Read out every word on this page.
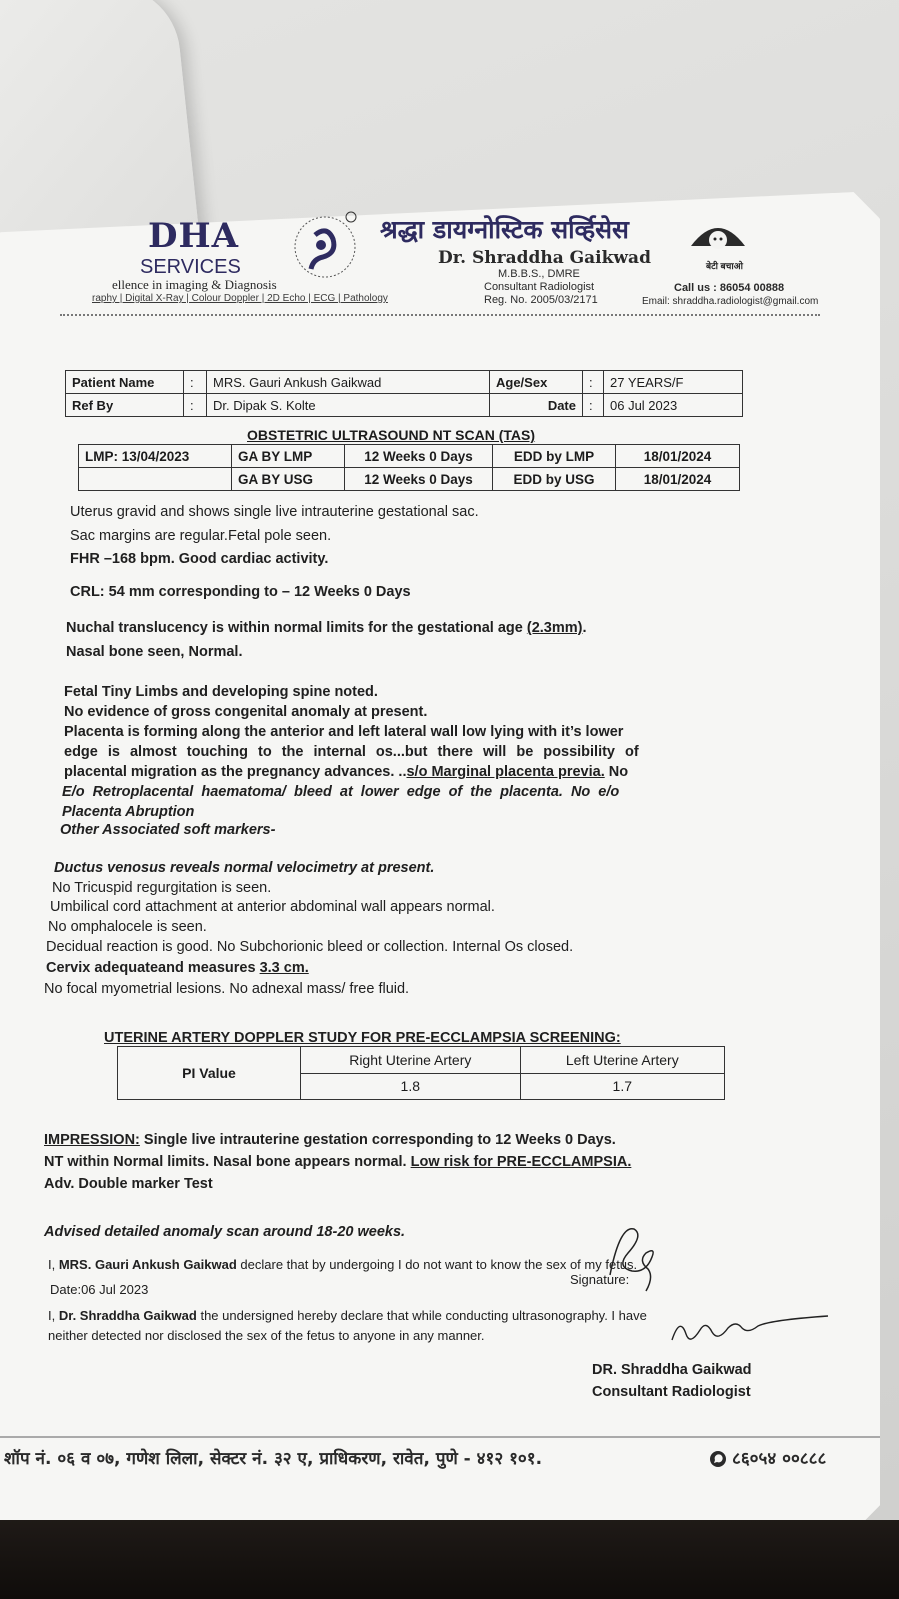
DHA
SERVICES
ellence in imaging & Diagnosis
raphy | Digital X-Ray | Colour Doppler | 2D Echo | ECG | Pathology
श्रद्धा डायग्नोस्टिक सर्व्हिसेस
Dr. Shraddha Gaikwad
M.B.B.S., DMRE
Consultant Radiologist
Reg. No. 2005/03/2171
बेटी बचाओ
Call us : 86054 00888
Email: shraddha.radiologist@gmail.com
Patient Name	:	MRS. Gauri Ankush Gaikwad	Age/Sex	:	27 YEARS/F
Ref By	:	Dr. Dipak S. Kolte	Date	:	06 Jul 2023
OBSTETRIC ULTRASOUND NT SCAN (TAS)
LMP: 13/04/2023	GA BY LMP	12 Weeks 0 Days	EDD by LMP	18/01/2024
	GA BY USG	12 Weeks 0 Days	EDD by USG	18/01/2024
Uterus gravid and shows single live intrauterine gestational sac.
Sac margins are regular.Fetal pole seen.
FHR –168 bpm. Good cardiac activity.
CRL: 54 mm corresponding to – 12 Weeks 0 Days
Nuchal translucency is within normal limits for the gestational age (2.3mm).
Nasal bone seen, Normal.
Fetal Tiny Limbs and developing spine noted.
No evidence of gross congenital anomaly at present.
Placenta is forming along the anterior and left lateral wall low lying with it’s lower
edge is almost touching to the internal os...but there will be possibility of
placental migration as the pregnancy advances. ..s/o Marginal placenta previa. No
E/o Retroplacental haematoma/ bleed at lower edge of the placenta. No e/o
Placenta Abruption
Other Associated soft markers-
Ductus venosus reveals normal velocimetry at present.
No Tricuspid regurgitation is seen.
Umbilical cord attachment at anterior abdominal wall appears normal.
No omphalocele is seen.
Decidual reaction is good. No Subchorionic bleed or collection. Internal Os closed.
Cervix adequateand measures 3.3 cm.
No focal myometrial lesions. No adnexal mass/ free fluid.
UTERINE ARTERY DOPPLER STUDY FOR PRE-ECCLAMPSIA SCREENING:
PI Value	Right Uterine Artery	Left Uterine Artery
	1.8	1.7
IMPRESSION: Single live intrauterine gestation corresponding to 12 Weeks 0 Days.
NT within Normal limits. Nasal bone appears normal. Low risk for PRE-ECCLAMPSIA.
Adv. Double marker Test
Advised detailed anomaly scan around 18-20 weeks.
I, MRS. Gauri Ankush Gaikwad declare that by undergoing I do not want to know the sex of my fetus.
Signature:
Date:06 Jul 2023
I, Dr. Shraddha Gaikwad the undersigned hereby declare that while conducting ultrasonography. I have
neither detected nor disclosed the sex of the fetus to anyone in any manner.
DR. Shraddha Gaikwad
Consultant Radiologist
शॉप नं. ०६ व ०७, गणेश लिला, सेक्टर नं. ३२ ए, प्राधिकरण, रावेत, पुणे - ४१२ १०१.	८६०५४ ००८८८
